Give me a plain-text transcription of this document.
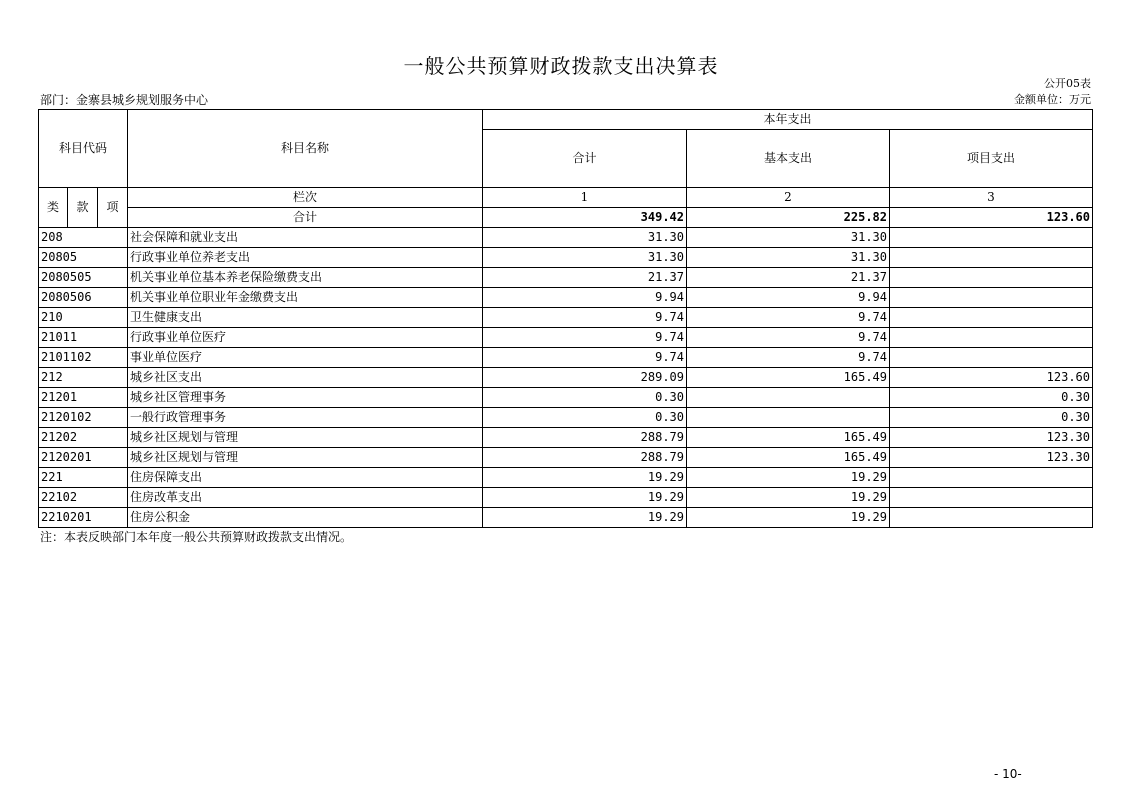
一般公共预算财政拨款支出决算表
公开05表
部门：金寨县城乡规划服务中心	金额单位：万元
科目代码			科目名称	本年支出		
				合计	基本支出	项目支出

类	款	项	栏次	1	2	3
			合计	349.42	225.82	123.60
208			社会保障和就业支出	31.30	31.30	
20805			行政事业单位养老支出	31.30	31.30	
2080505			机关事业单位基本养老保险缴费支出	21.37	21.37	
2080506			机关事业单位职业年金缴费支出	9.94	9.94	
210			卫生健康支出	9.74	9.74	
21011			行政事业单位医疗	9.74	9.74	
2101102			事业单位医疗	9.74	9.74	
212			城乡社区支出	289.09	165.49	123.60
21201			城乡社区管理事务	0.30		0.30
2120102			一般行政管理事务	0.30		0.30
21202			城乡社区规划与管理	288.79	165.49	123.30
2120201			城乡社区规划与管理	288.79	165.49	123.30
221			住房保障支出	19.29	19.29	
22102			住房改革支出	19.29	19.29	
2210201			住房公积金	19.29	19.29	
注：本表反映部门本年度一般公共预算财政拨款支出情况。
- 10-
